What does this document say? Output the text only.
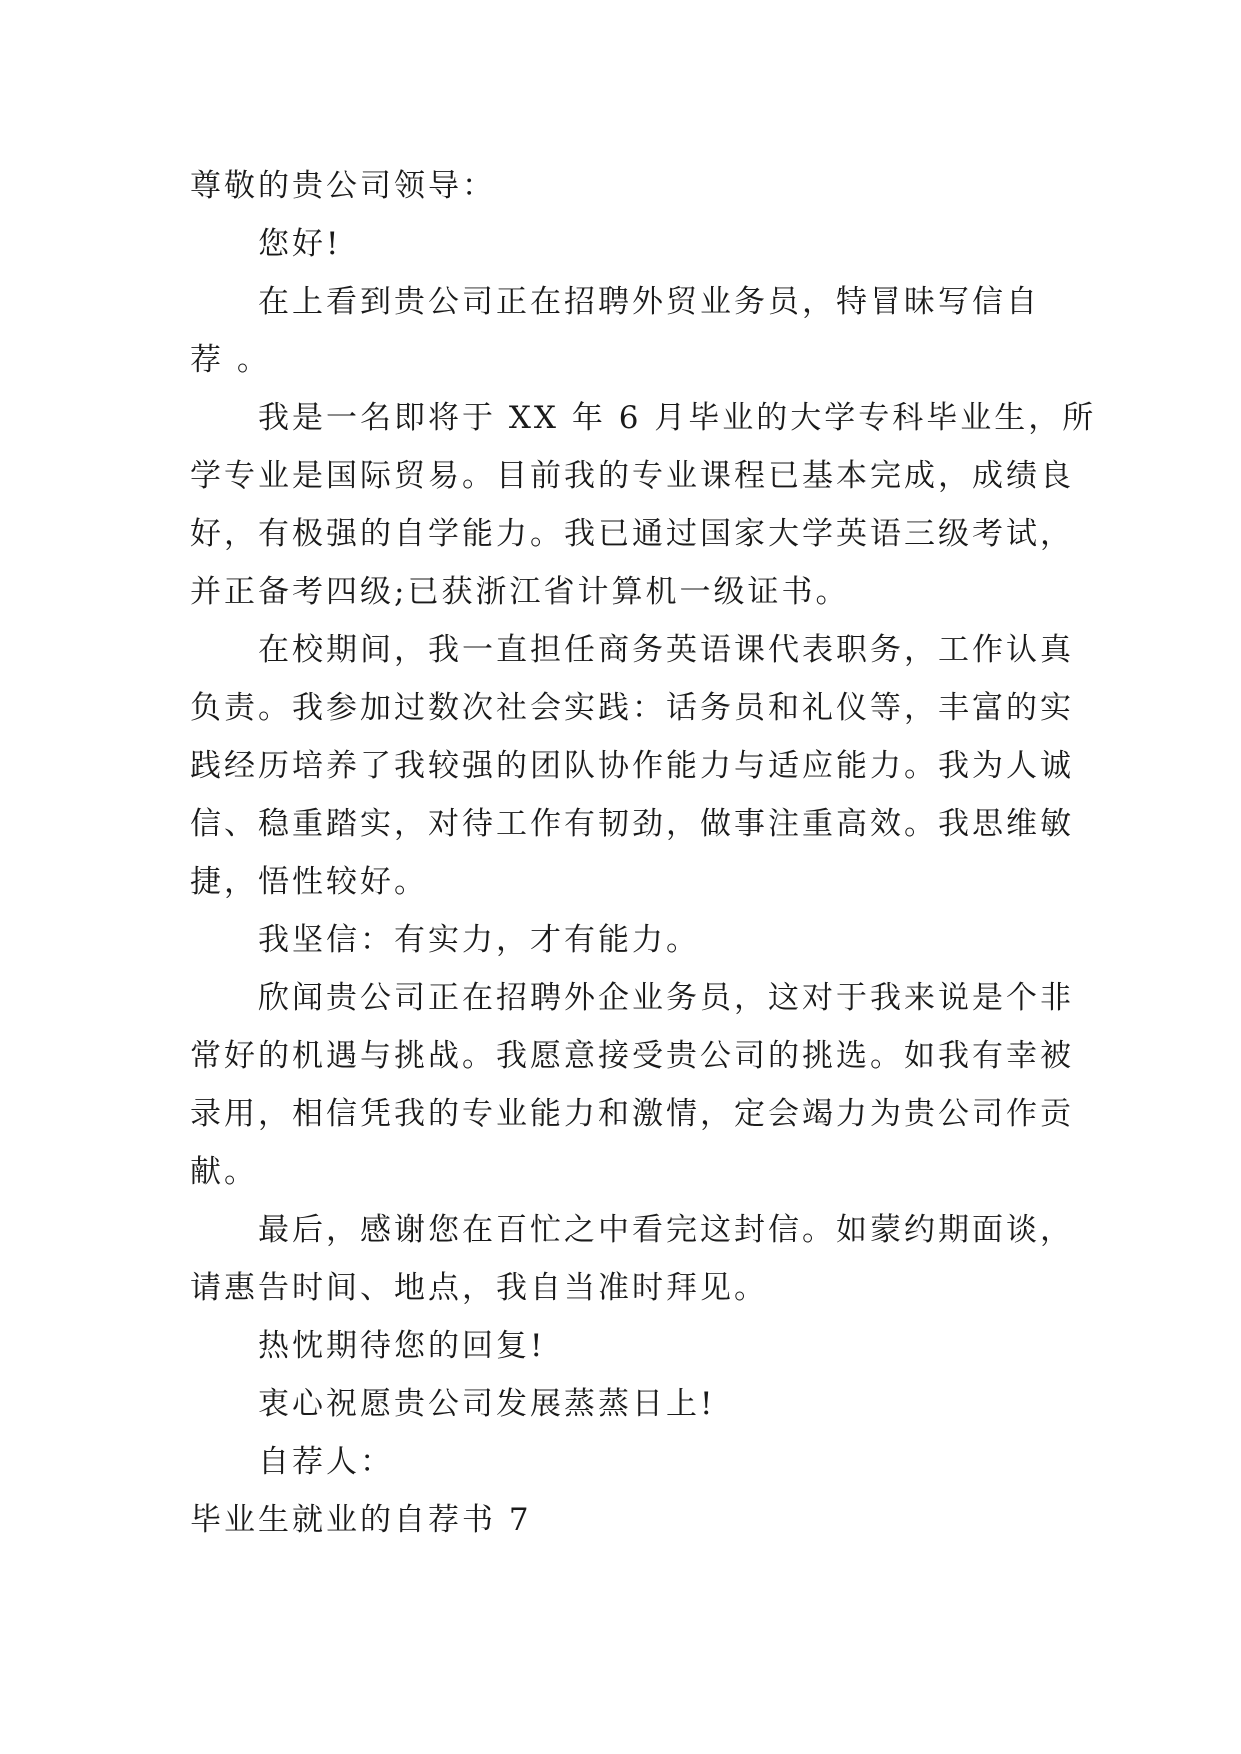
尊敬的贵公司领导：
您好!
在上看到贵公司正在招聘外贸业务员，特冒昧写信自
荐 。
我是一名即将于 XX 年 6 月毕业的大学专科毕业生，所
学专业是国际贸易。目前我的专业课程已基本完成，成绩良
好，有极强的自学能力。我已通过国家大学英语三级考试，
并正备考四级;已获浙江省计算机一级证书。
在校期间，我一直担任商务英语课代表职务，工作认真
负责。我参加过数次社会实践：话务员和礼仪等，丰富的实
践经历培养了我较强的团队协作能力与适应能力。我为人诚
信、稳重踏实，对待工作有韧劲，做事注重高效。我思维敏
捷，悟性较好。
我坚信：有实力，才有能力。
欣闻贵公司正在招聘外企业务员，这对于我来说是个非
常好的机遇与挑战。我愿意接受贵公司的挑选。如我有幸被
录用，相信凭我的专业能力和激情，定会竭力为贵公司作贡
献。
最后，感谢您在百忙之中看完这封信。如蒙约期面谈，
请惠告时间、地点，我自当准时拜见。
热忱期待您的回复!
衷心祝愿贵公司发展蒸蒸日上!
自荐人：
毕业生就业的自荐书 7
